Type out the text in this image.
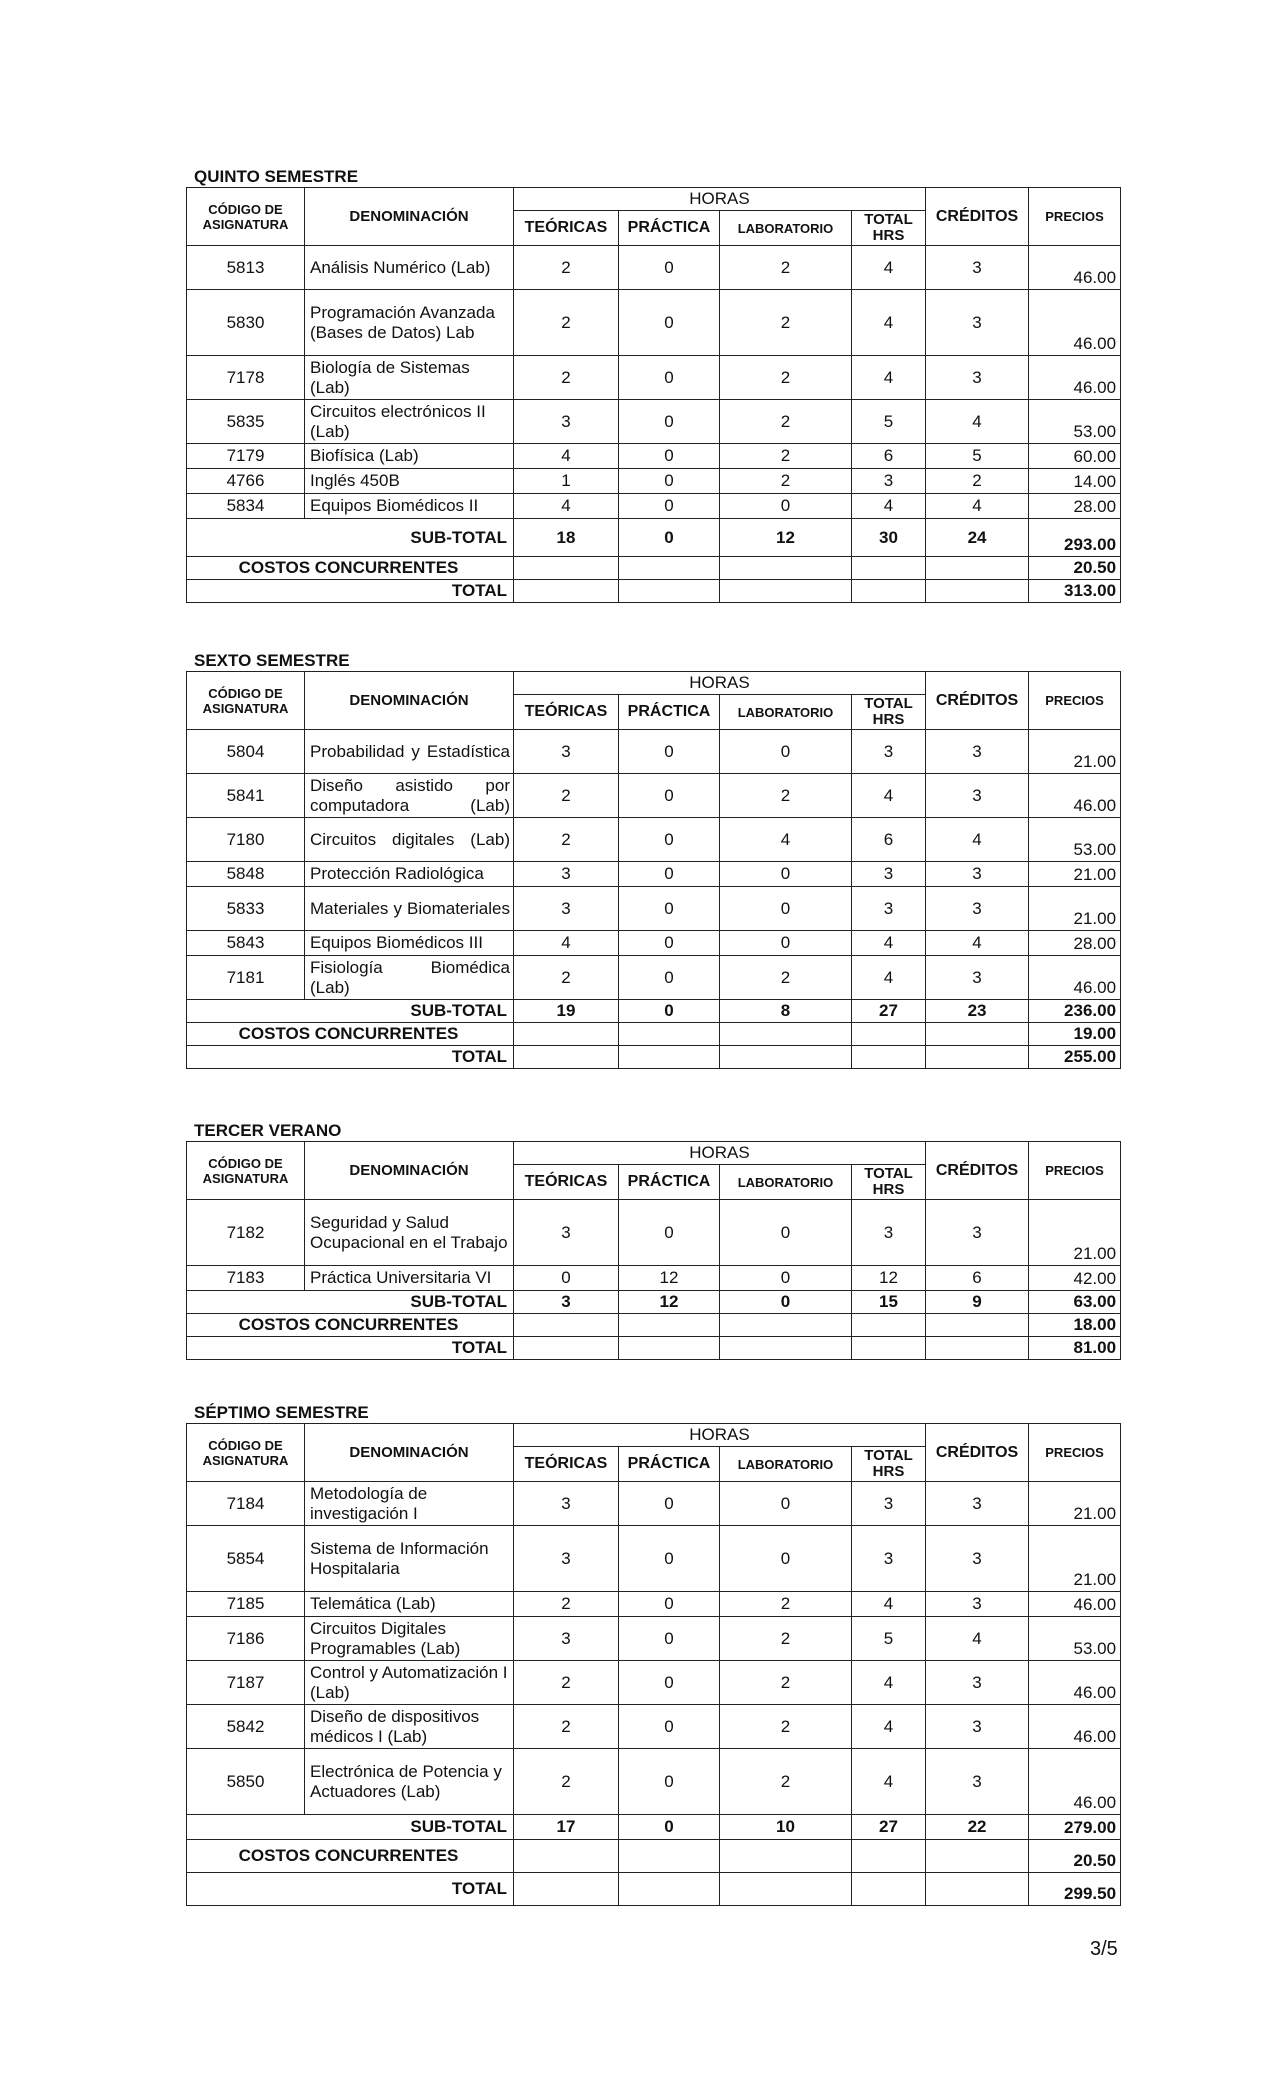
QUINTO SEMESTRE
CÓDIGO DE ASIGNATURA	DENOMINACIÓN	HORAS				CRÉDITOS	PRECIOS
		TEÓRICAS	PRÁCTICA	LABORATORIO	TOTAL HRS		
5813	Análisis Numérico (Lab)	2	0	2	4	3	46.00
5830	Programación Avanzada (Bases de Datos) Lab	2	0	2	4	3	46.00
7178	Biología de Sistemas (Lab)	2	0	2	4	3	46.00
5835	Circuitos electrónicos II (Lab)	3	0	2	5	4	53.00
7179	Biofísica (Lab)	4	0	2	6	5	60.00
4766	Inglés 450B	1	0	2	3	2	14.00
5834	Equipos Biomédicos II	4	0	0	4	4	28.00
SUB-TOTAL		18	0	12	30	24	293.00
COSTOS CONCURRENTES							20.50
TOTAL							313.00
SEXTO SEMESTRE
CÓDIGO DE ASIGNATURA	DENOMINACIÓN	HORAS				CRÉDITOS	PRECIOS
		TEÓRICAS	PRÁCTICA	LABORATORIO	TOTAL HRS		
5804	Probabilidad y Estadística	3	0	0	3	3	21.00
5841	Diseño asistido por computadora (Lab)	2	0	2	4	3	46.00
7180	Circuitos digitales (Lab)	2	0	4	6	4	53.00
5848	Protección Radiológica	3	0	0	3	3	21.00
5833	Materiales y Biomateriales	3	0	0	3	3	21.00
5843	Equipos Biomédicos III	4	0	0	4	4	28.00
7181	Fisiología Biomédica (Lab)	2	0	2	4	3	46.00
SUB-TOTAL		19	0	8	27	23	236.00
COSTOS CONCURRENTES							19.00
TOTAL							255.00
TERCER VERANO
CÓDIGO DE ASIGNATURA	DENOMINACIÓN	HORAS				CRÉDITOS	PRECIOS
		TEÓRICAS	PRÁCTICA	LABORATORIO	TOTAL HRS		
7182	Seguridad y Salud Ocupacional en el Trabajo	3	0	0	3	3	21.00
7183	Práctica Universitaria VI	0	12	0	12	6	42.00
SUB-TOTAL		3	12	0	15	9	63.00
COSTOS CONCURRENTES							18.00
TOTAL							81.00
SÉPTIMO SEMESTRE
CÓDIGO DE ASIGNATURA	DENOMINACIÓN	HORAS				CRÉDITOS	PRECIOS
		TEÓRICAS	PRÁCTICA	LABORATORIO	TOTAL HRS		
7184	Metodología de investigación I	3	0	0	3	3	21.00
5854	Sistema de Información Hospitalaria	3	0	0	3	3	21.00
7185	Telemática (Lab)	2	0	2	4	3	46.00
7186	Circuitos Digitales Programables (Lab)	3	0	2	5	4	53.00
7187	Control y Automatización I (Lab)	2	0	2	4	3	46.00
5842	Diseño de dispositivos médicos I (Lab)	2	0	2	4	3	46.00
5850	Electrónica de Potencia y Actuadores (Lab)	2	0	2	4	3	46.00
SUB-TOTAL		17	0	10	27	22	279.00
COSTOS CONCURRENTES							20.50
TOTAL							299.50
3/5
